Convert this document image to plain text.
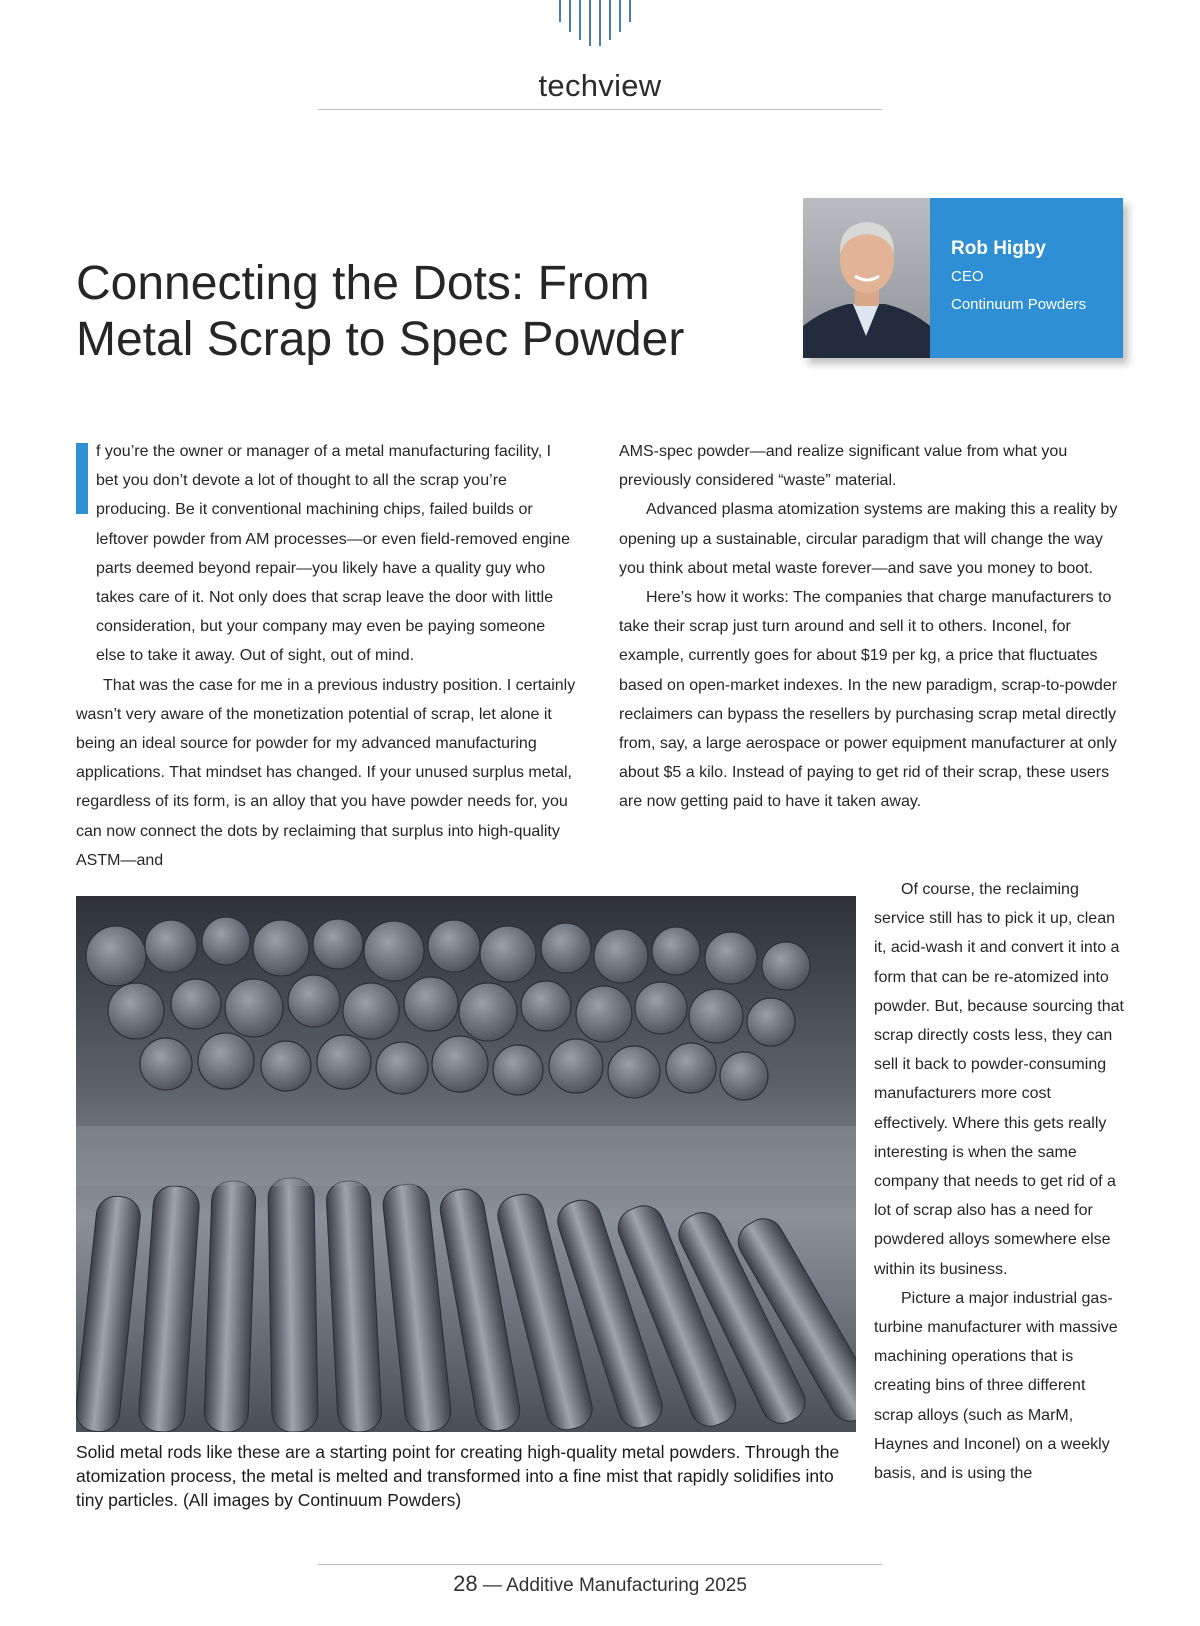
techview
Connecting the Dots: From
Metal Scrap to Spec Powder
Rob Higby
CEO
Continuum Powders

f you’re the owner or manager of a metal manufacturing facility, I bet you don’t devote a lot of thought to all the scrap you’re producing. Be it conventional machining chips, failed builds or leftover powder from AM processes—or even field-removed engine parts deemed beyond repair—you likely have a quality guy who takes care of it. Not only does that scrap leave the door with little consideration, but your company may even be paying someone else to take it away. Out of sight, out of mind.

That was the case for me in a previous industry position. I certainly wasn’t very aware of the monetization potential of scrap, let alone it being an ideal source for powder for my advanced manufacturing applications. That mindset has changed. If your unused surplus metal, regardless of its form, is an alloy that you have powder needs for, you can now connect the dots by reclaiming that surplus into high-quality ASTM—and

AMS-spec powder—and realize significant value from what you previously considered “waste” material.

Advanced plasma atomization systems are making this a reality by opening up a sustainable, circular paradigm that will change the way you think about metal waste forever—and save you money to boot.

Here’s how it works: The companies that charge manufacturers to take their scrap just turn around and sell it to others. Inconel, for example, currently goes for about $19 per kg, a price that fluctuates based on open-market indexes. In the new paradigm, scrap-to-powder reclaimers can bypass the resellers by purchasing scrap metal directly from, say, a large aerospace or power equipment manufacturer at only about $5 a kilo. Instead of paying to get rid of their scrap, these users are now getting paid to have it taken away.

Of course, the reclaiming service still has to pick it up, clean it, acid-wash it and convert it into a form that can be re-atomized into powder. But, because sourcing that scrap directly costs less, they can sell it back to powder-consuming manufacturers more cost effectively. Where this gets really interesting is when the same company that needs to get rid of a lot of scrap also has a need for powdered alloys somewhere else within its business.

Picture a major industrial gas-turbine manufacturer with massive machining operations that is creating bins of three different scrap alloys (such as MarM, Haynes and Inconel) on a weekly basis, and is using the

Solid metal rods like these are a starting point for creating high-quality metal powders. Through the atomization process, the metal is melted and transformed into a fine mist that rapidly solidifies into tiny particles. (All images by Continuum Powders)
28 — Additive Manufacturing 2025
